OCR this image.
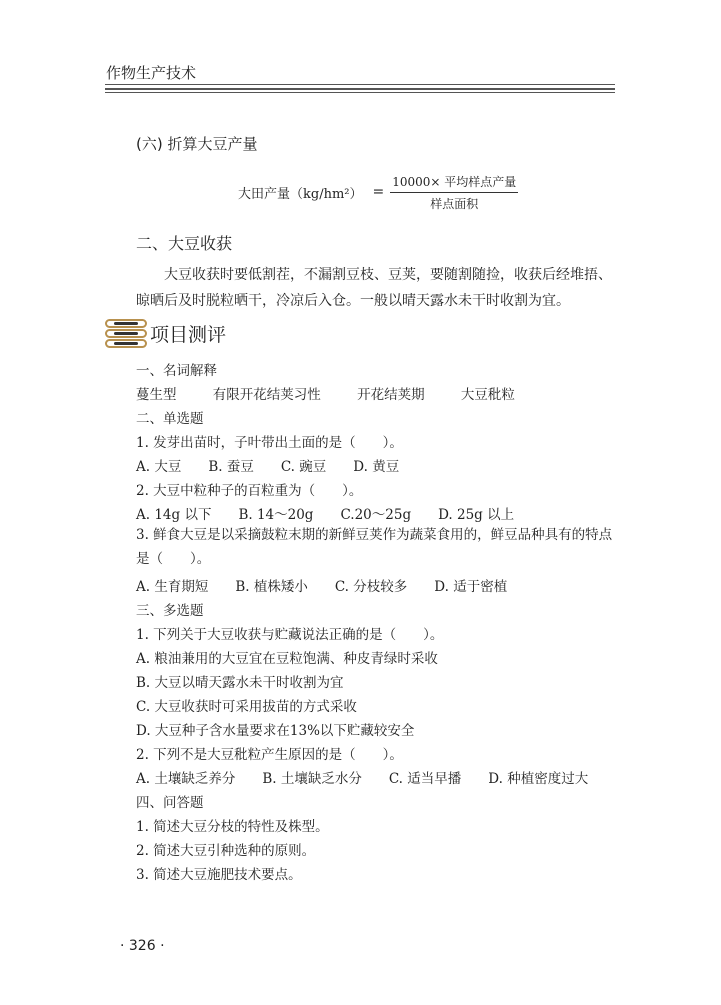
作物生产技术
(六) 折算大豆产量
大田产量$(kg/hm^2) = \frac{\text{10000× 平均样点产量}}{\text{样点面积}}$
二、大豆收获
大豆收获时要低割茬，不漏割豆枝、豆荚，要随割随捡，收获后经堆捂、晾晒后及时脱粒晒干，冷凉后入仓。一般以晴天露水未干时收割为宜。
项目测评
一、名词解释
蔓生型	有限开花结荚习性	开花结荚期	大豆秕粒
二、单选题
1. 发芽出苗时，子叶带出土面的是（　　）。
A. 大豆　　B. 蚕豆　　C. 豌豆　　D. 黄豆
2. 大豆中粒种子的百粒重为（　　）。
A. 14g 以下　　B. 14～20g　　C.20～25g　　D. 25g 以上
3. 鲜食大豆是以采摘鼓粒末期的新鲜豆荚作为蔬菜食用的，鲜豆品种具有的特点是（　　）。
A. 生育期短　　B. 植株矮小　　C. 分枝较多　　D. 适于密植
三、多选题
1. 下列关于大豆收获与贮藏说法正确的是（　　）。
A. 粮油兼用的大豆宜在豆粒饱满、种皮青绿时采收
B. 大豆以晴天露水未干时收割为宜
C. 大豆收获时可采用拔苗的方式采收
D. 大豆种子含水量要求在13%以下贮藏较安全
2. 下列不是大豆秕粒产生原因的是（　　）。
A. 土壤缺乏养分　　B. 土壤缺乏水分　　C. 适当早播　　D. 种植密度过大
四、问答题
1. 简述大豆分枝的特性及株型。
2. 简述大豆引种选种的原则。
3. 简述大豆施肥技术要点。
· 326 ·
